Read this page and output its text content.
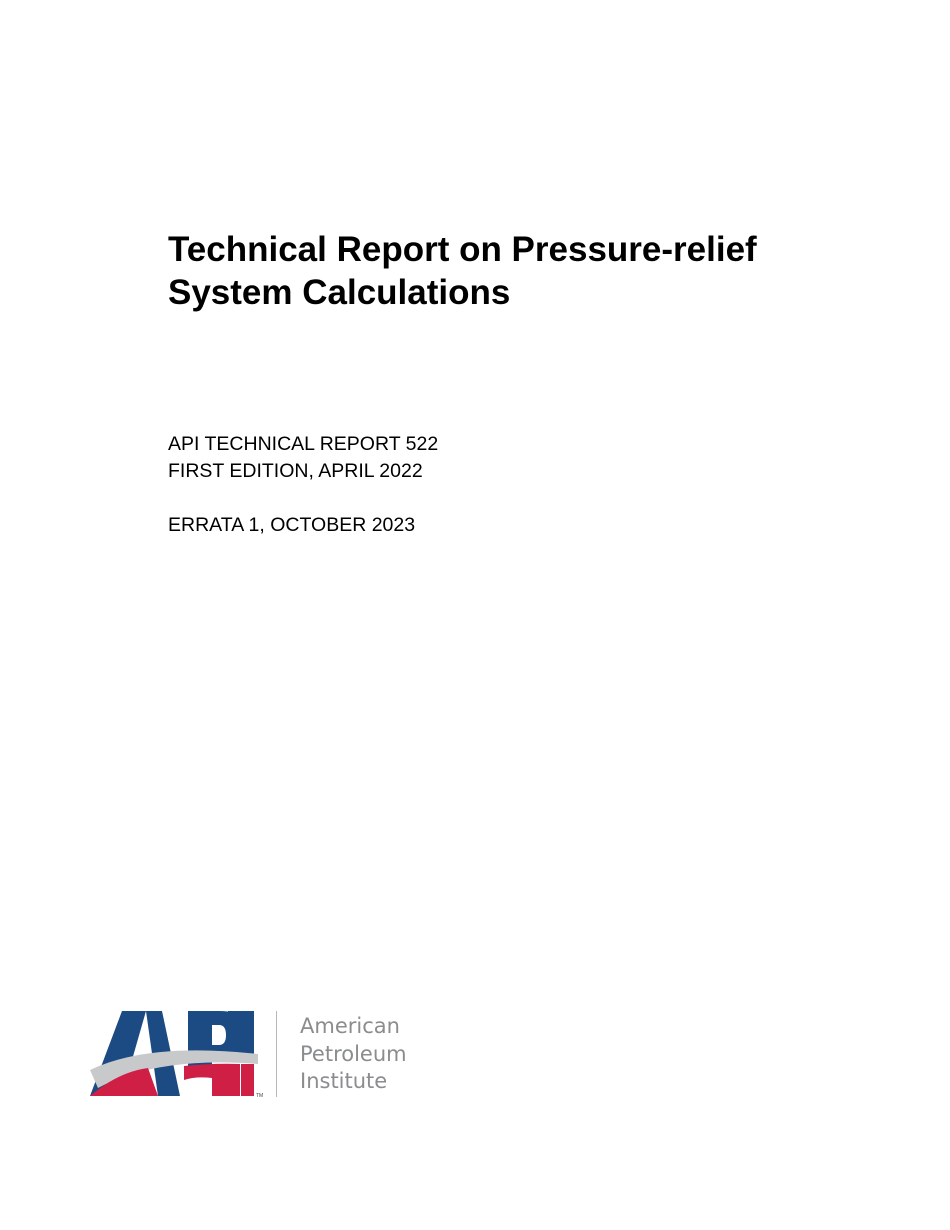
Technical Report on Pressure-relief
System Calculations
API TECHNICAL REPORT 522
FIRST EDITION, APRIL 2022
ERRATA 1, OCTOBER 2023
TM
American
Petroleum
Institute
